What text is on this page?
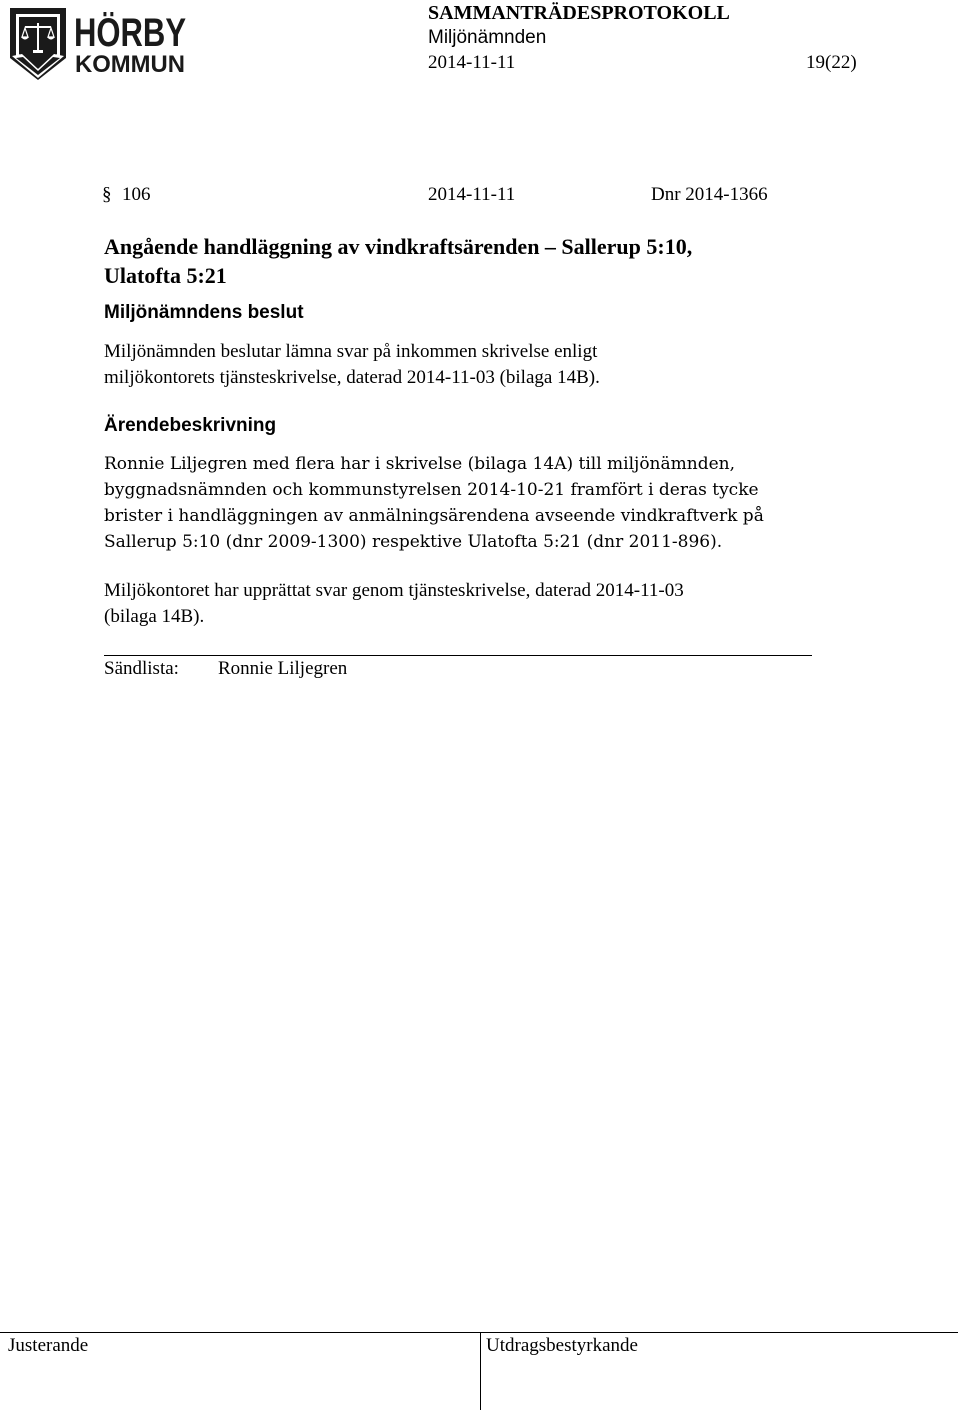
HÖRBY
KOMMUN
SAMMANTRÄDESPROTOKOLL
Miljönämnden
2014-11-11	19(22)
§ 106	2014-11-11	Dnr 2014-1366
Angående handläggning av vindkraftsärenden – Sallerup 5:10,
Ulatofta 5:21
Miljönämndens beslut
Miljönämnden beslutar lämna svar på inkommen skrivelse enligt
miljökontorets tjänsteskrivelse, daterad 2014-11-03 (bilaga 14B).
Ärendebeskrivning
Ronnie Liljegren med flera har i skrivelse (bilaga 14A) till miljönämnden,
byggnadsnämnden och kommunstyrelsen 2014-10-21 framfört i deras tycke
brister i handläggningen av anmälningsärendena avseende vindkraftverk på
Sallerup 5:10 (dnr 2009-1300) respektive Ulatofta 5:21 (dnr 2011-896).
Miljökontoret har upprättat svar genom tjänsteskrivelse, daterad 2014-11-03
(bilaga 14B).
Sändlista: Ronnie Liljegren
Justerande	Utdragsbestyrkande
